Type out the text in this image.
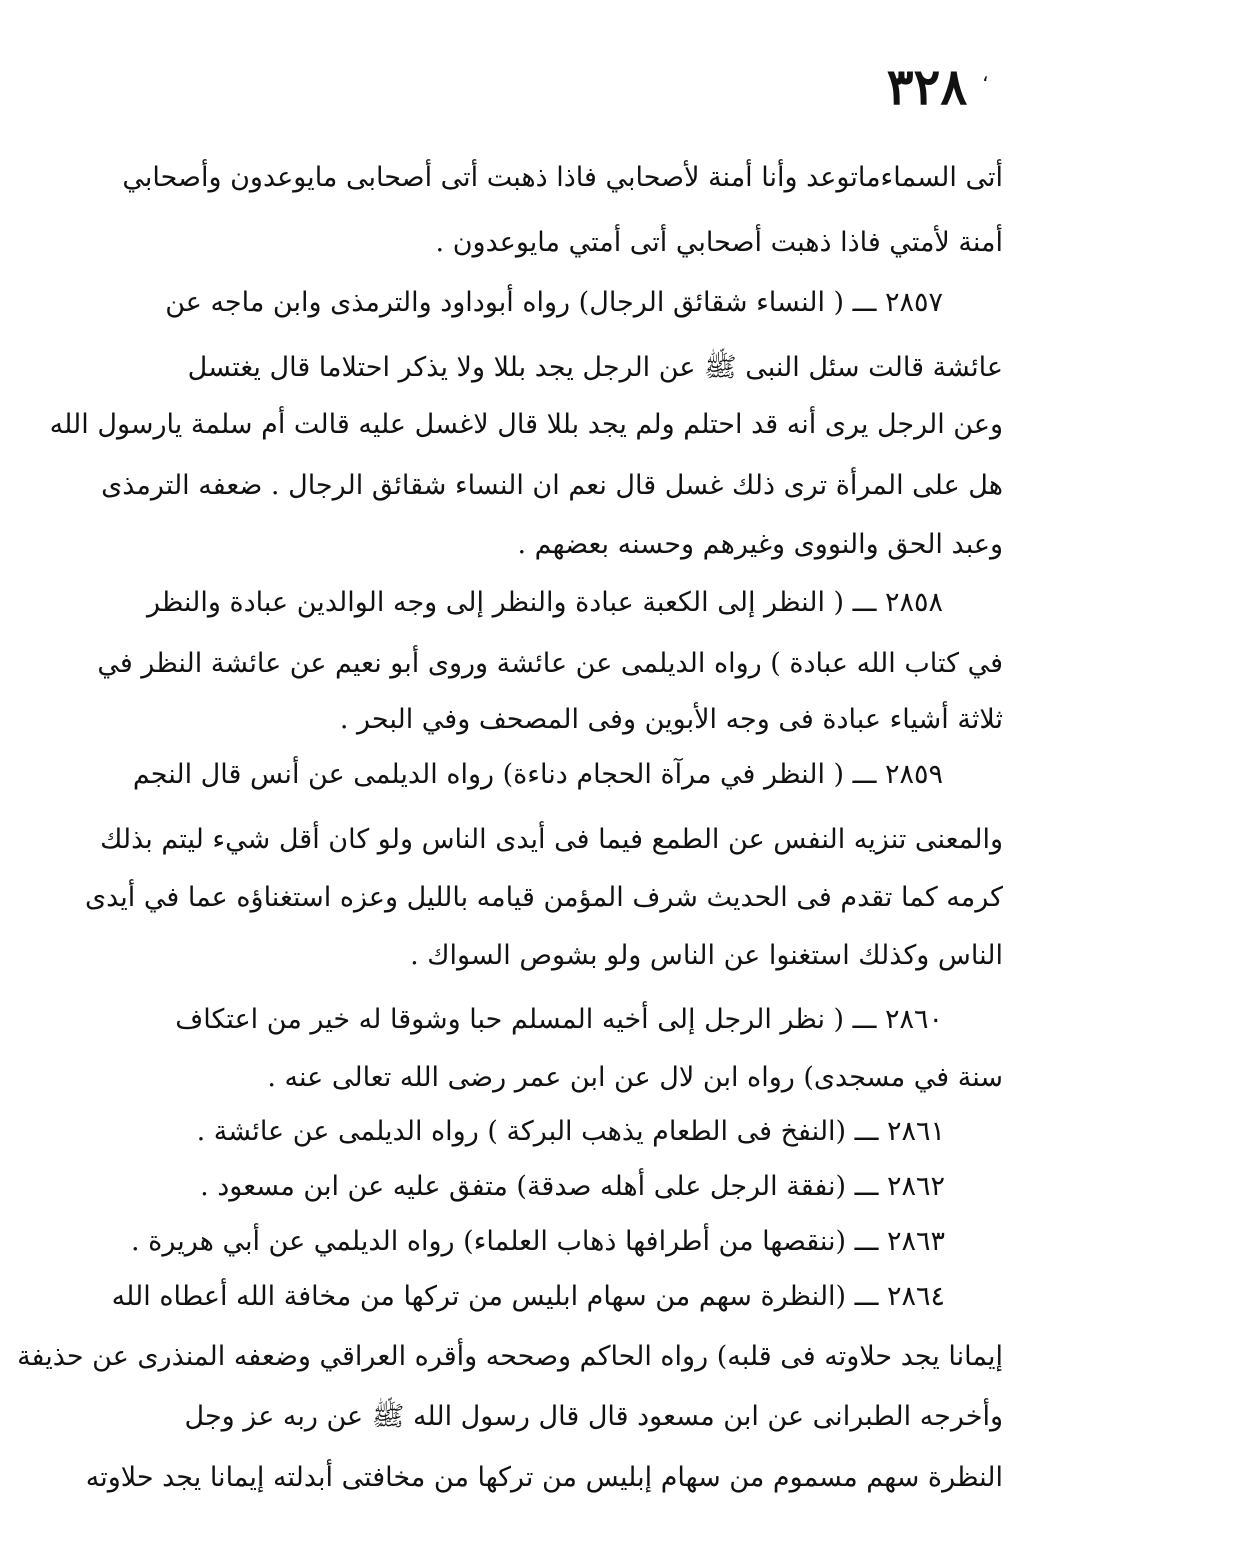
٣٢٨ ،
أتى السماءماتوعد وأنا أمنة لأصحابي فاذا ذهبت أتى أصحابى مايوعدون وأصحابي
أمنة لأمتي فاذا ذهبت أصحابي أتى أمتي مايوعدون .
٢٨٥٧ ـــ ( النساء شقائق الرجال) رواه أبوداود والترمذى وابن ماجه عن
عائشة قالت سئل النبى ﷺ عن الرجل يجد بللا ولا يذكر احتلاما قال يغتسل
وعن الرجل يرى أنه قد احتلم ولم يجد بللا قال لاغسل عليه قالت أم سلمة يارسول الله
هل على المرأة ترى ذلك غسل قال نعم ان النساء شقائق الرجال . ضعفه الترمذى
وعبد الحق والنووى وغيرهم وحسنه بعضهم .
٢٨٥٨ ـــ ( النظر إلى الكعبة عبادة والنظر إلى وجه الوالدين عبادة والنظر
في كتاب الله عبادة ) رواه الديلمى عن عائشة وروى أبو نعيم عن عائشة النظر في
ثلاثة أشياء عبادة فى وجه الأبوين وفى المصحف وفي البحر .
٢٨٥٩ ـــ ( النظر في مرآة الحجام دناءة) رواه الديلمى عن أنس قال النجم
والمعنى تنزيه النفس عن الطمع فيما فى أيدى الناس ولو كان أقل شيء ليتم بذلك
كرمه كما تقدم فى الحديث شرف المؤمن قيامه بالليل وعزه استغناؤه عما في أيدى
الناس وكذلك استغنوا عن الناس ولو بشوص السواك .
٢٨٦٠ ـــ ( نظر الرجل إلى أخيه المسلم حبا وشوقا له خير من اعتكاف
سنة في مسجدى) رواه ابن لال عن ابن عمر رضى الله تعالى عنه .
٢٨٦١ ـــ (النفخ فى الطعام يذهب البركة ) رواه الديلمى عن عائشة .
٢٨٦٢ ـــ (نفقة الرجل على أهله صدقة) متفق عليه عن ابن مسعود .
٢٨٦٣ ـــ (ننقصها من أطرافها ذهاب العلماء) رواه الديلمي عن أبي هريرة .
٢٨٦٤ ـــ (النظرة سهم من سهام ابليس من تركها من مخافة الله أعطاه الله
إيمانا يجد حلاوته فى قلبه) رواه الحاكم وصححه وأقره العراقي وضعفه المنذرى عن حذيفة
وأخرجه الطبرانى عن ابن مسعود قال قال رسول الله ﷺ عن ربه عز وجل
النظرة سهم مسموم من سهام إبليس من تركها من مخافتى أبدلته إيمانا يجد حلاوته
